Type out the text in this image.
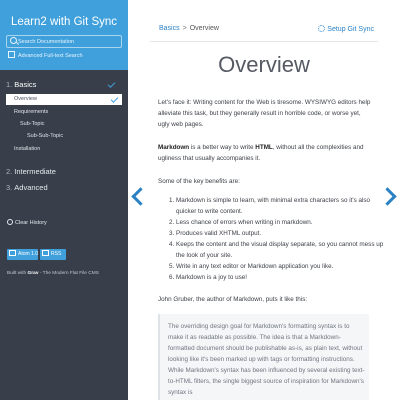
Learn2 with Git Sync
Search Documentation
Advanced Full-text Search
1. Basics
Overview
Requirements
Sub-Topic
Sub-Sub-Topic
Installation
2. Intermediate
3. Advanced
Clear History
Atom 1.0	RSS
Built with Grav - The Modern Flat File CMS
Basics > Overview	Setup Git Sync
Overview
Let's face it: Writing content for the Web is tiresome. WYSIWYG editors help alleviate this task, but they generally result in horrible code, or worse yet, ugly web pages.
Markdown is a better way to write HTML, without all the complexities and ugliness that usually accompanies it.
Some of the key benefits are:
1. Markdown is simple to learn, with minimal extra characters so it's also quicker to write content.
2. Less chance of errors when writing in markdown.
3. Produces valid XHTML output.
4. Keeps the content and the visual display separate, so you cannot mess up the look of your site.
5. Write in any text editor or Markdown application you like.
6. Markdown is a joy to use!
John Gruber, the author of Markdown, puts it like this:
The overriding design goal for Markdown's formatting syntax is to make it as readable as possible. The idea is that a Markdown-formatted document should be publishable as-is, as plain text, without looking like it's been marked up with tags or formatting instructions. While Markdown's syntax has been influenced by several existing text-to-HTML filters, the single biggest source of inspiration for Markdown's syntax is
